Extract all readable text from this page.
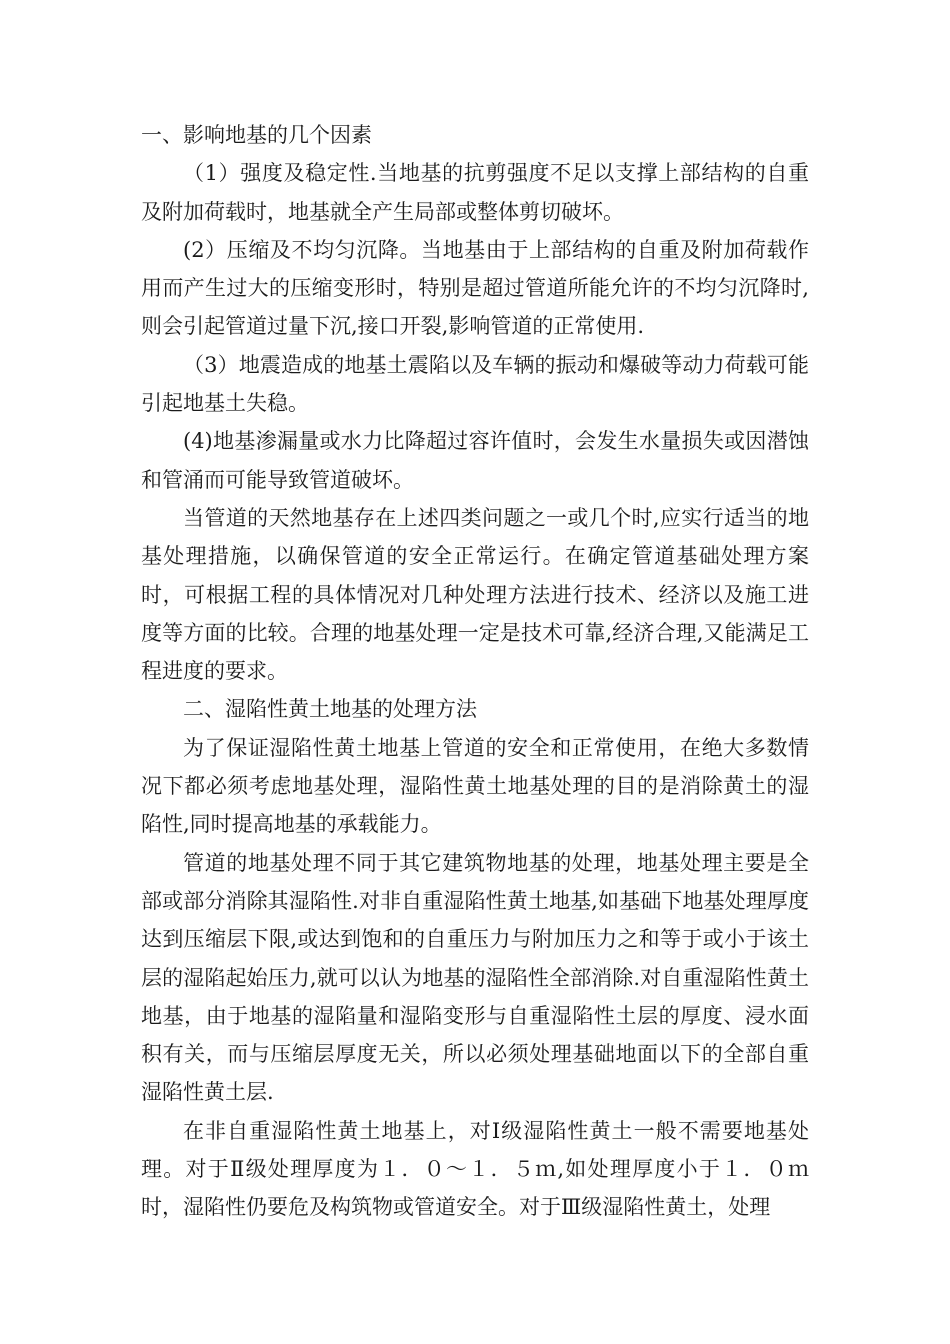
一、影响地基的几个因素

（1）强度及稳定性.当地基的抗剪强度不足以支撑上部结构的自重及附加荷载时，地基就全产生局部或整体剪切破坏。

(2）压缩及不均匀沉降。当地基由于上部结构的自重及附加荷载作用而产生过大的压缩变形时，特别是超过管道所能允许的不均匀沉降时,则会引起管道过量下沉,接口开裂,影响管道的正常使用.

（3）地震造成的地基土震陷以及车辆的振动和爆破等动力荷载可能引起地基土失稳。

(4)地基渗漏量或水力比降超过容许值时，会发生水量损失或因潜蚀和管涌而可能导致管道破坏。

当管道的天然地基存在上述四类问题之一或几个时,应实行适当的地基处理措施，以确保管道的安全正常运行。在确定管道基础处理方案时，可根据工程的具体情况对几种处理方法进行技术、经济以及施工进度等方面的比较。合理的地基处理一定是技术可靠,经济合理,又能满足工程进度的要求。

二、湿陷性黄土地基的处理方法

为了保证湿陷性黄土地基上管道的安全和正常使用，在绝大多数情况下都必须考虑地基处理，湿陷性黄土地基处理的目的是消除黄土的湿陷性,同时提高地基的承载能力。

管道的地基处理不同于其它建筑物地基的处理，地基处理主要是全部或部分消除其湿陷性.对非自重湿陷性黄土地基,如基础下地基处理厚度达到压缩层下限,或达到饱和的自重压力与附加压力之和等于或小于该土层的湿陷起始压力,就可以认为地基的湿陷性全部消除.对自重湿陷性黄土地基，由于地基的湿陷量和湿陷变形与自重湿陷性土层的厚度、浸水面积有关，而与压缩层厚度无关，所以必须处理基础地面以下的全部自重湿陷性黄土层.

在非自重湿陷性黄土地基上，对Ⅰ级湿陷性黄土一般不需要地基处理。对于Ⅱ级处理厚度为１．０～１．５ｍ,如处理厚度小于１．０ｍ时，湿陷性仍要危及构筑物或管道安全。对于Ⅲ级湿陷性黄土，处理
